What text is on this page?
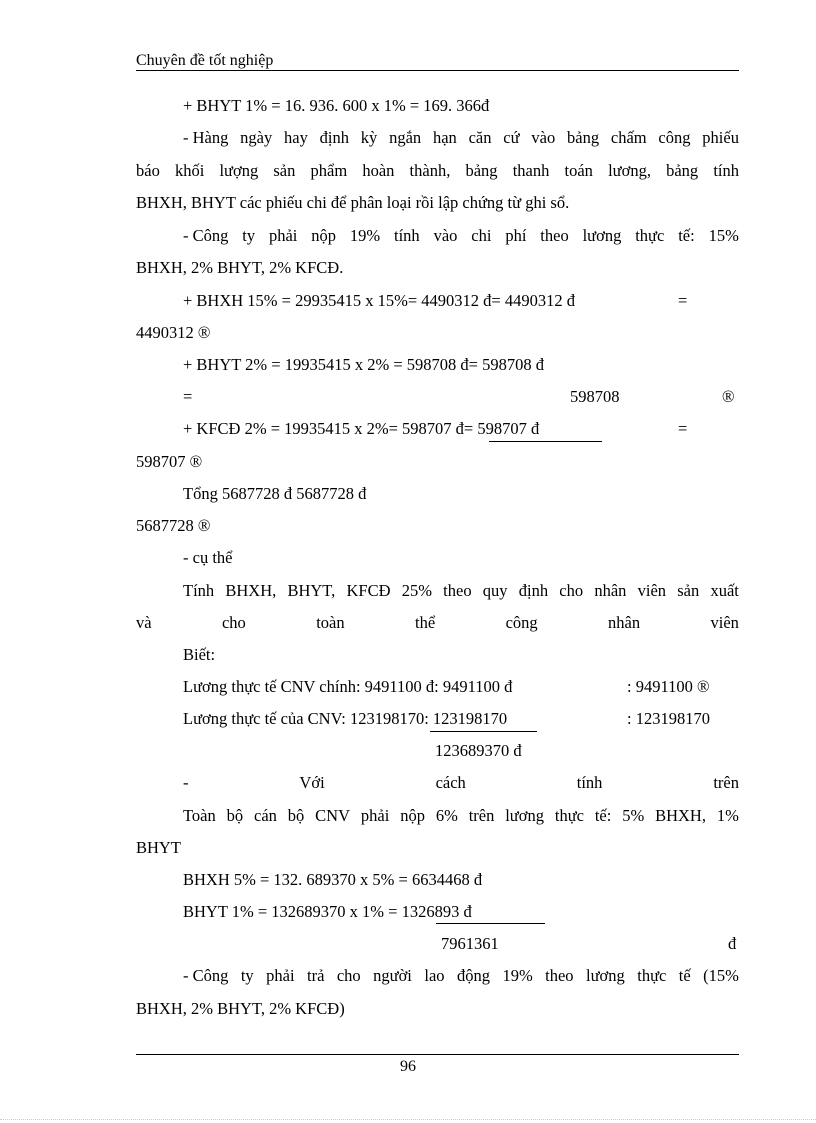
Chuyên đề tốt nghiệp
+ BHYT 1% = 16. 936. 600 x 1% = 169. 366đ
- Hàng ngày hay định kỳ ngắn hạn căn cứ vào bảng chấm công phiếu
báo khối lượng sản phẩm hoàn thành, bảng thanh toán lương, bảng tính
BHXH, BHYT các phiếu chi để phân loại rồi lập chứng từ ghi sổ.
- Công ty phải nộp 19% tính vào chi phí theo lương thực tế: 15%
BHXH, 2% BHYT, 2% KFCĐ.
+ BHXH 15% = 29935415 x 15%= 4490312 đ= 4490312 đ	=
4490312 ®
+ BHYT 2% = 19935415 x 2% = 598708 đ= 598708 đ
=	598708	®
+ KFCĐ 2% = 19935415 x 2%= 598707 đ= 598707 đ	=
598707 ®
Tổng 5687728 đ 5687728 đ
5687728 ®
- cụ thể
Tính BHXH, BHYT, KFCĐ 25% theo quy định cho nhân viên sản xuất
và	cho	toàn	thể	công	nhân	viên
Biết:
Lương thực tế CNV chính: 9491100 đ: 9491100 đ	: 9491100 ®
Lương thực tế của CNV: 123198170: 123198170	: 123198170
123689370 đ
-	Với	cách	tính	trên
Toàn bộ cán bộ CNV phải nộp 6% trên lương thực tế: 5% BHXH, 1%
BHYT
BHXH 5% = 132. 689370 x 5% = 6634468 đ
BHYT 1% = 132689370 x 1% = 1326893 đ
7961361	đ
- Công ty phải trả cho người lao động 19% theo lương thực tế (15%
BHXH, 2% BHYT, 2% KFCĐ)
96
